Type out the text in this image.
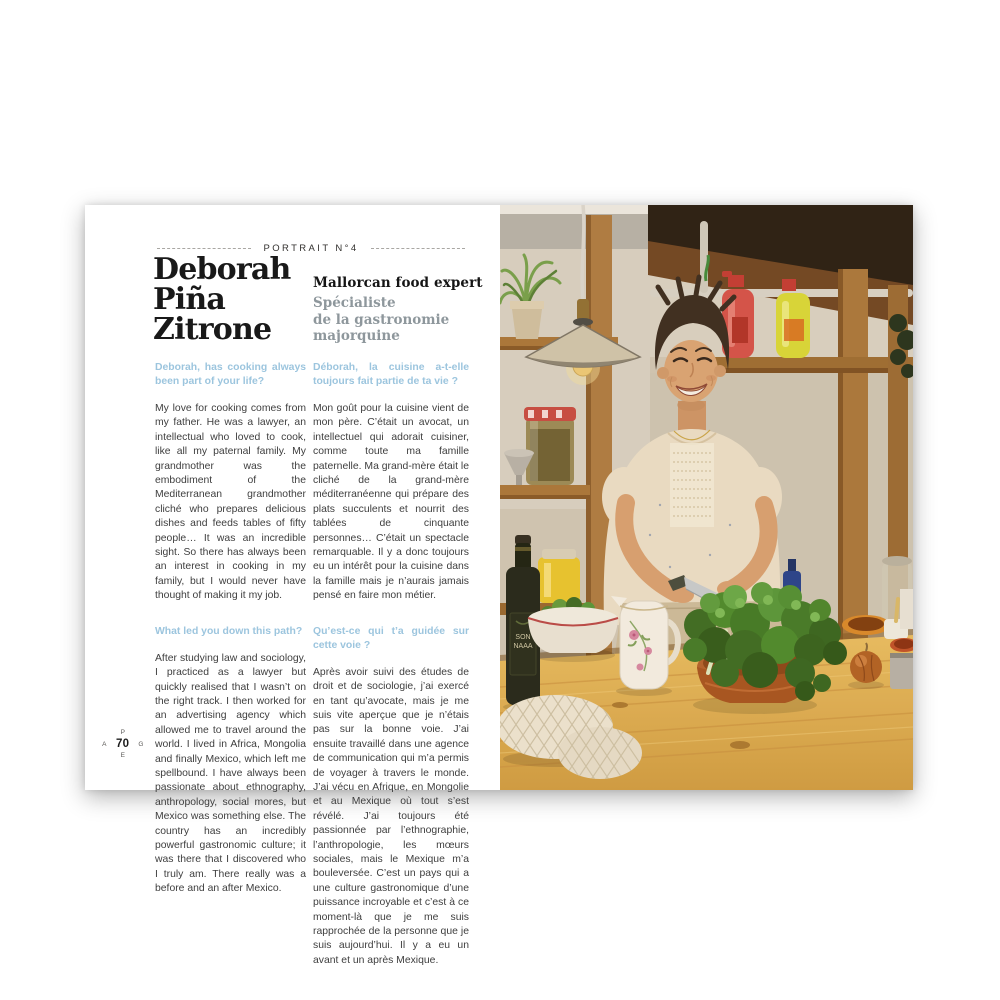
PORTRAIT N°4
Deborah
Piña
Zitrone
Mallorcan food expert
Spécialiste
de la gastronomie
majorquine

Deborah, has cooking always been part of your life?

My love for cooking comes from my father. He was a lawyer, an intellectual who loved to cook, like all my paternal family. My grandmother was the embodiment of the Mediterranean grandmother cliché who prepares delicious dishes and feeds tables of fifty people… It was an incredible sight. So there has always been an interest in cooking in my family, but I would never have thought of making it my job.

What led you down this path?

After studying law and sociology, I practiced as a lawyer but quickly realised that I wasn’t on the right track. I then worked for an advertising agency which allowed me to travel around the world. I lived in Africa, Mongolia and finally Mexico, which left me spellbound. I have always been passionate about ethnography, anthropology, social mores, but Mexico was something else. The country has an incredibly powerful gastronomic culture; it was there that I discovered who I truly am. There really was a before and an after Mexico.

Déborah, la cuisine a-t-elle toujours fait partie de ta vie ?

Mon goût pour la cuisine vient de mon père. C’était un avocat, un intellectuel qui adorait cuisiner, comme toute ma famille paternelle. Ma grand-mère était le cliché de la grand-mère méditerranéenne qui prépare des plats succulents et nourrit des tablées de cinquante personnes… C’était un spectacle remarquable. Il y a donc toujours eu un intérêt pour la cuisine dans la famille mais je n’aurais jamais pensé en faire mon métier.

Qu’est-ce qui t’a guidée sur cette voie ?

Après avoir suivi des études de droit et de sociologie, j’ai exercé en tant qu’avocate, mais je me suis vite aperçue que je n’étais pas sur la bonne voie. J’ai ensuite travaillé dans une agence de communication qui m’a permis de voyager à travers le monde. J’ai vécu en Afrique, en Mongolie et au Mexique où tout s’est révélé. J’ai toujours été passionnée par l’ethnographie, l’anthropologie, les mœurs sociales, mais le Mexique m’a bouleversée. C’est un pays qui a une culture gastronomique d’une puissance incroyable et c’est à ce moment-là que je me suis rapprochée de la personne que je suis aujourd’hui. Il y a eu un avant et un après Mexique.

P
A 70 G
E
SON
NAAA
